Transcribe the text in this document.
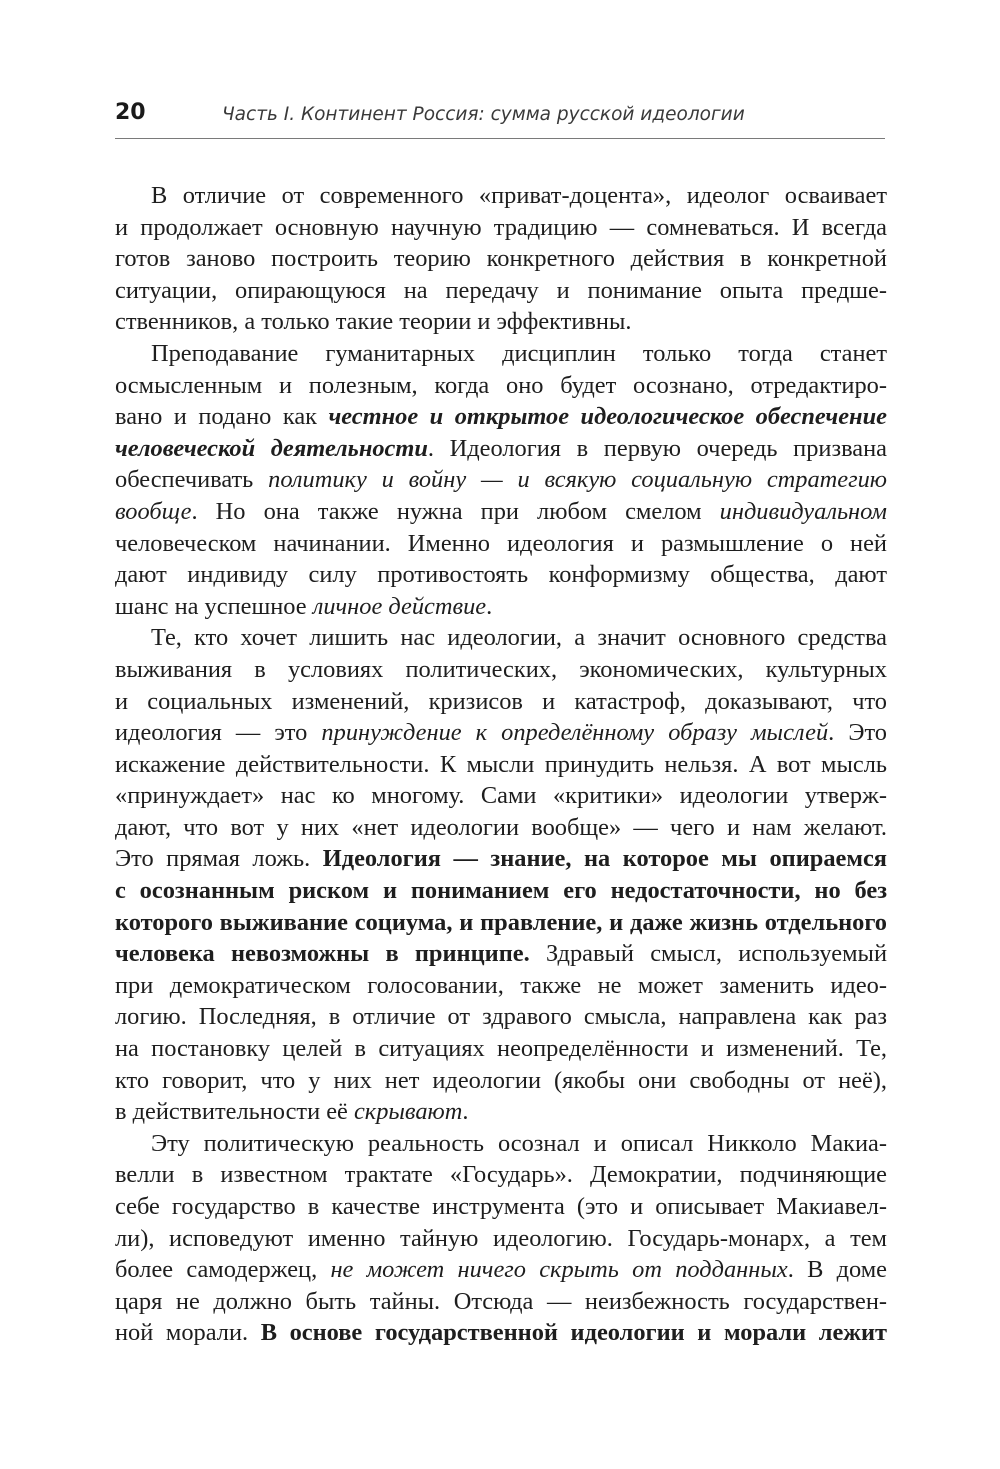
20	Часть I. Континент Россия: сумма русской идеологии
В отличие от современного «приват-доцента», идеолог осваивает
и продолжает основную научную традицию — сомневаться. И всегда
готов заново построить теорию конкретного действия в конкретной
ситуации, опирающуюся на передачу и понимание опыта предше-
ственников, а только такие теории и эффективны.
Преподавание гуманитарных дисциплин только тогда станет
осмысленным и полезным, когда оно будет осознано, отредактиро-
вано и подано как честное и открытое идеологическое обеспечение
человеческой деятельности. Идеология в первую очередь призвана
обеспечивать политику и войну — и всякую социальную стратегию
вообще. Но она также нужна при любом смелом индивидуальном
человеческом начинании. Именно идеология и размышление о ней
дают индивиду силу противостоять конформизму общества, дают
шанс на успешное личное действие.
Те, кто хочет лишить нас идеологии, а значит основного средства
выживания в условиях политических, экономических, культурных
и социальных изменений, кризисов и катастроф, доказывают, что
идеология — это принуждение к определённому образу мыслей. Это
искажение действительности. К мысли принудить нельзя. А вот мысль
«принуждает» нас ко многому. Сами «критики» идеологии утверж-
дают, что вот у них «нет идеологии вообще» — чего и нам желают.
Это прямая ложь. Идеология — знание, на которое мы опираемся
с осознанным риском и пониманием его недостаточности, но без
которого выживание социума, и правление, и даже жизнь отдельного
человека невозможны в принципе. Здравый смысл, используемый
при демократическом голосовании, также не может заменить идео-
логию. Последняя, в отличие от здравого смысла, направлена как раз
на постановку целей в ситуациях неопределённости и изменений. Те,
кто говорит, что у них нет идеологии (якобы они свободны от неё),
в действительности её скрывают.
Эту политическую реальность осознал и описал Никколо Макиа-
велли в известном трактате «Государь». Демократии, подчиняющие
себе государство в качестве инструмента (это и описывает Макиавел-
ли), исповедуют именно тайную идеологию. Государь-монарх, а тем
более самодержец, не может ничего скрыть от подданных. В доме
царя не должно быть тайны. Отсюда — неизбежность государствен-
ной морали. В основе государственной идеологии и морали лежит
